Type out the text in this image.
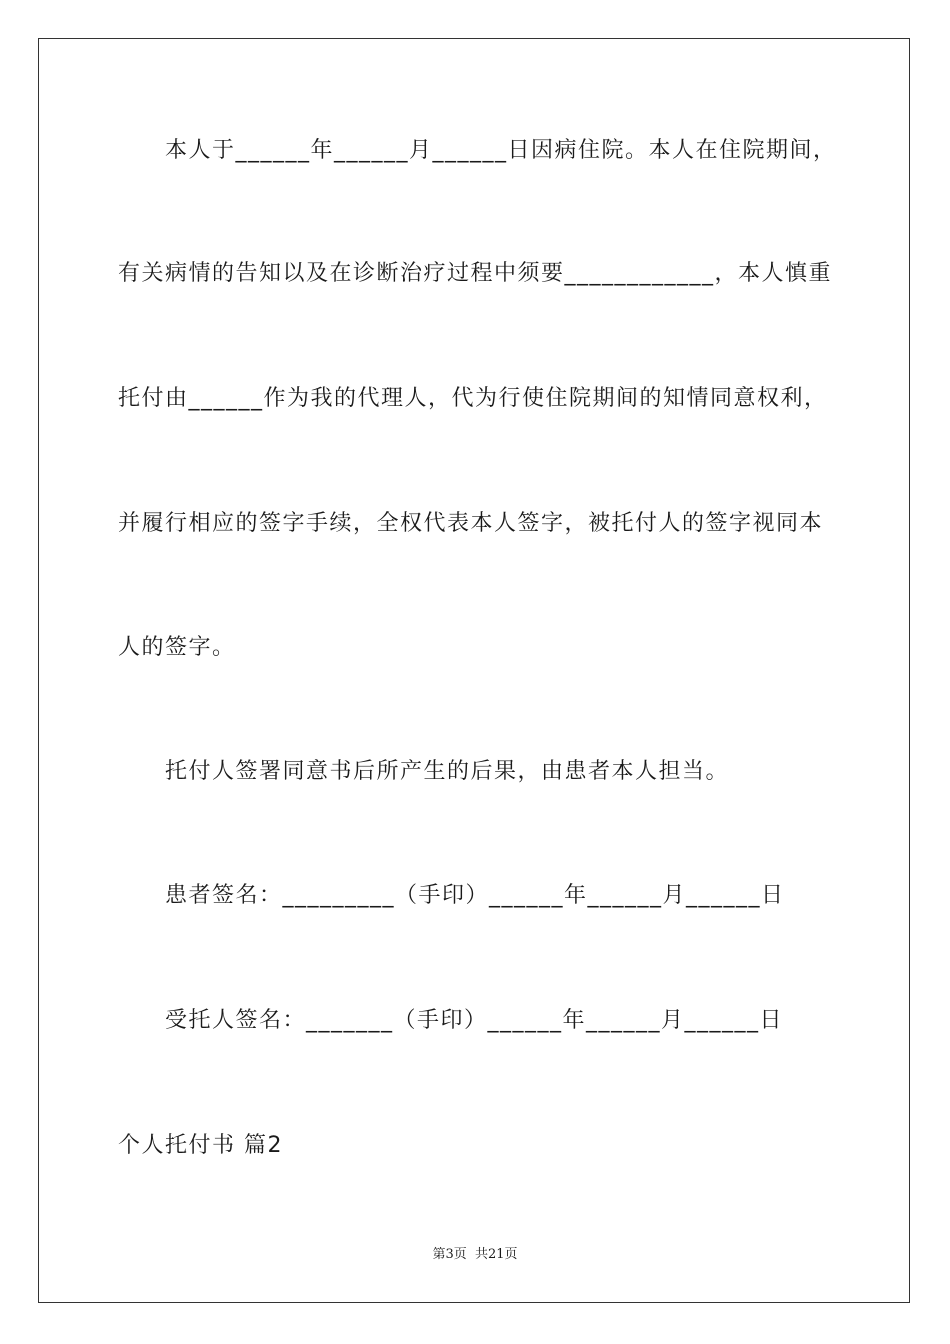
本人于______年______月______日因病住院。本人在住院期间，
有关病情的告知以及在诊断治疗过程中须要____________，本人慎重
托付由______作为我的代理人，代为行使住院期间的知情同意权利，
并履行相应的签字手续，全权代表本人签字，被托付人的签字视同本
人的签字。
托付人签署同意书后所产生的后果，由患者本人担当。
患者签名：_________（手印）______年______月______日
受托人签名：_______（手印）______年______月______日
个人托付书 篇2
第3页  共21页
